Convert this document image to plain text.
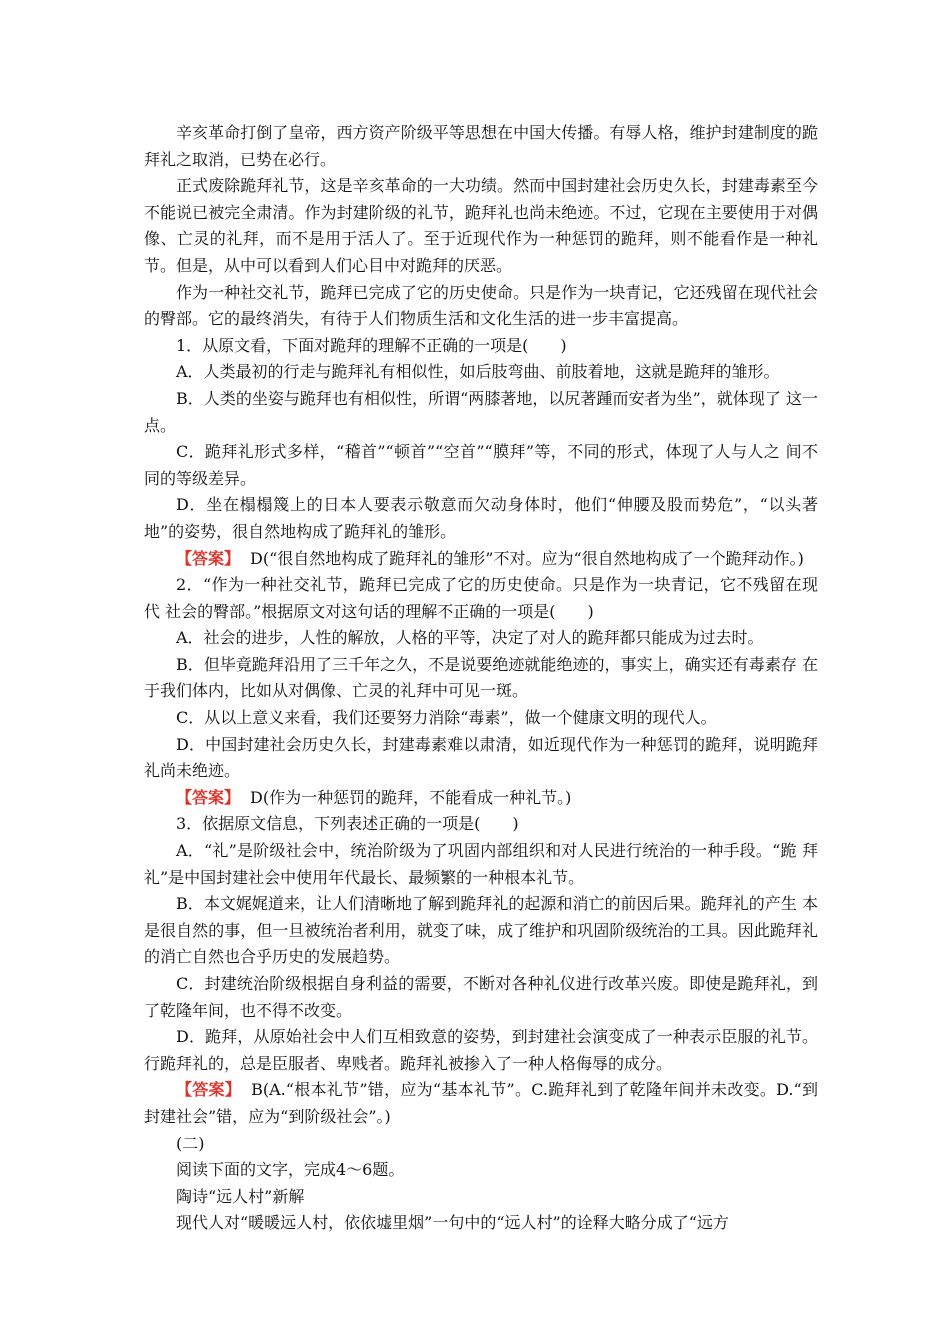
辛亥革命打倒了皇帝，西方资产阶级平等思想在中国大传播。有辱人格，维护封建制度的跪拜礼之取消，已势在必行。

正式废除跪拜礼节，这是辛亥革命的一大功绩。然而中国封建社会历史久长，封建毒素至今不能说已被完全肃清。作为封建阶级的礼节，跪拜礼也尚未绝迹。不过，它现在主要使用于对偶像、亡灵的礼拜，而不是用于活人了。至于近现代作为一种惩罚的跪拜，则不能看作是一种礼节。但是，从中可以看到人们心目中对跪拜的厌恶。

作为一种社交礼节，跪拜已完成了它的历史使命。只是作为一块青记，它还残留在现代社会的臀部。它的最终消失，有待于人们物质生活和文化生活的进一步丰富提高。

1．从原文看，下面对跪拜的理解不正确的一项是(　　)

A．人类最初的行走与跪拜礼有相似性，如后肢弯曲、前肢着地，这就是跪拜的雏形。

B．人类的坐姿与跪拜也有相似性，所谓“两膝著地，以尻著踵而安者为坐”，就体现了 这一点。

C．跪拜礼形式多样，“稽首”“顿首”“空首”“膜拜”等，不同的形式，体现了人与人之 间不同的等级差异。

D．坐在榻榻篾上的日本人要表示敬意而欠动身体时，他们“伸腰及股而势危”，“以头著 地”的姿势，很自然地构成了跪拜礼的雏形。

【答案】 D(“很自然地构成了跪拜礼的雏形”不对。应为“很自然地构成了一个跪拜动作。)

2．“作为一种社交礼节，跪拜已完成了它的历史使命。只是作为一块青记，它不残留在现代 社会的臀部。”根据原文对这句话的理解不正确的一项是(　　)

A．社会的进步，人性的解放，人格的平等，决定了对人的跪拜都只能成为过去时。

B．但毕竟跪拜沿用了三千年之久，不是说要绝迹就能绝迹的，事实上，确实还有毒素存 在于我们体内，比如从对偶像、亡灵的礼拜中可见一斑。

C．从以上意义来看，我们还要努力消除“毒素”，做一个健康文明的现代人。

D．中国封建社会历史久长，封建毒素难以肃清，如近现代作为一种惩罚的跪拜，说明跪拜礼尚未绝迹。

【答案】 D(作为一种惩罚的跪拜，不能看成一种礼节。)

3．依据原文信息，下列表述正确的一项是(　　)

A．“礼”是阶级社会中，统治阶级为了巩固内部组织和对人民进行统治的一种手段。“跪 拜礼”是中国封建社会中使用年代最长、最频繁的一种根本礼节。

B．本文娓娓道来，让人们清晰地了解到跪拜礼的起源和消亡的前因后果。跪拜礼的产生 本是很自然的事，但一旦被统治者利用，就变了味，成了维护和巩固阶级统治的工具。因此跪拜礼的消亡自然也合乎历史的发展趋势。

C．封建统治阶级根据自身利益的需要，不断对各种礼仪进行改革兴废。即使是跪拜礼，到了乾隆年间，也不得不改变。

D．跪拜，从原始社会中人们互相致意的姿势，到封建社会演变成了一种表示臣服的礼节。行跪拜礼的，总是臣服者、卑贱者。跪拜礼被掺入了一种人格侮辱的成分。

【答案】 B(A.“根本礼节”错，应为“基本礼节”。C.跪拜礼到了乾隆年间并未改变。D.“到封建社会”错，应为“到阶级社会”。)

(二)

阅读下面的文字，完成4～6题。

陶诗“远人村”新解

现代人对“暖暖远人村，依依墟里烟”一句中的“远人村”的诠释大略分成了“远方
